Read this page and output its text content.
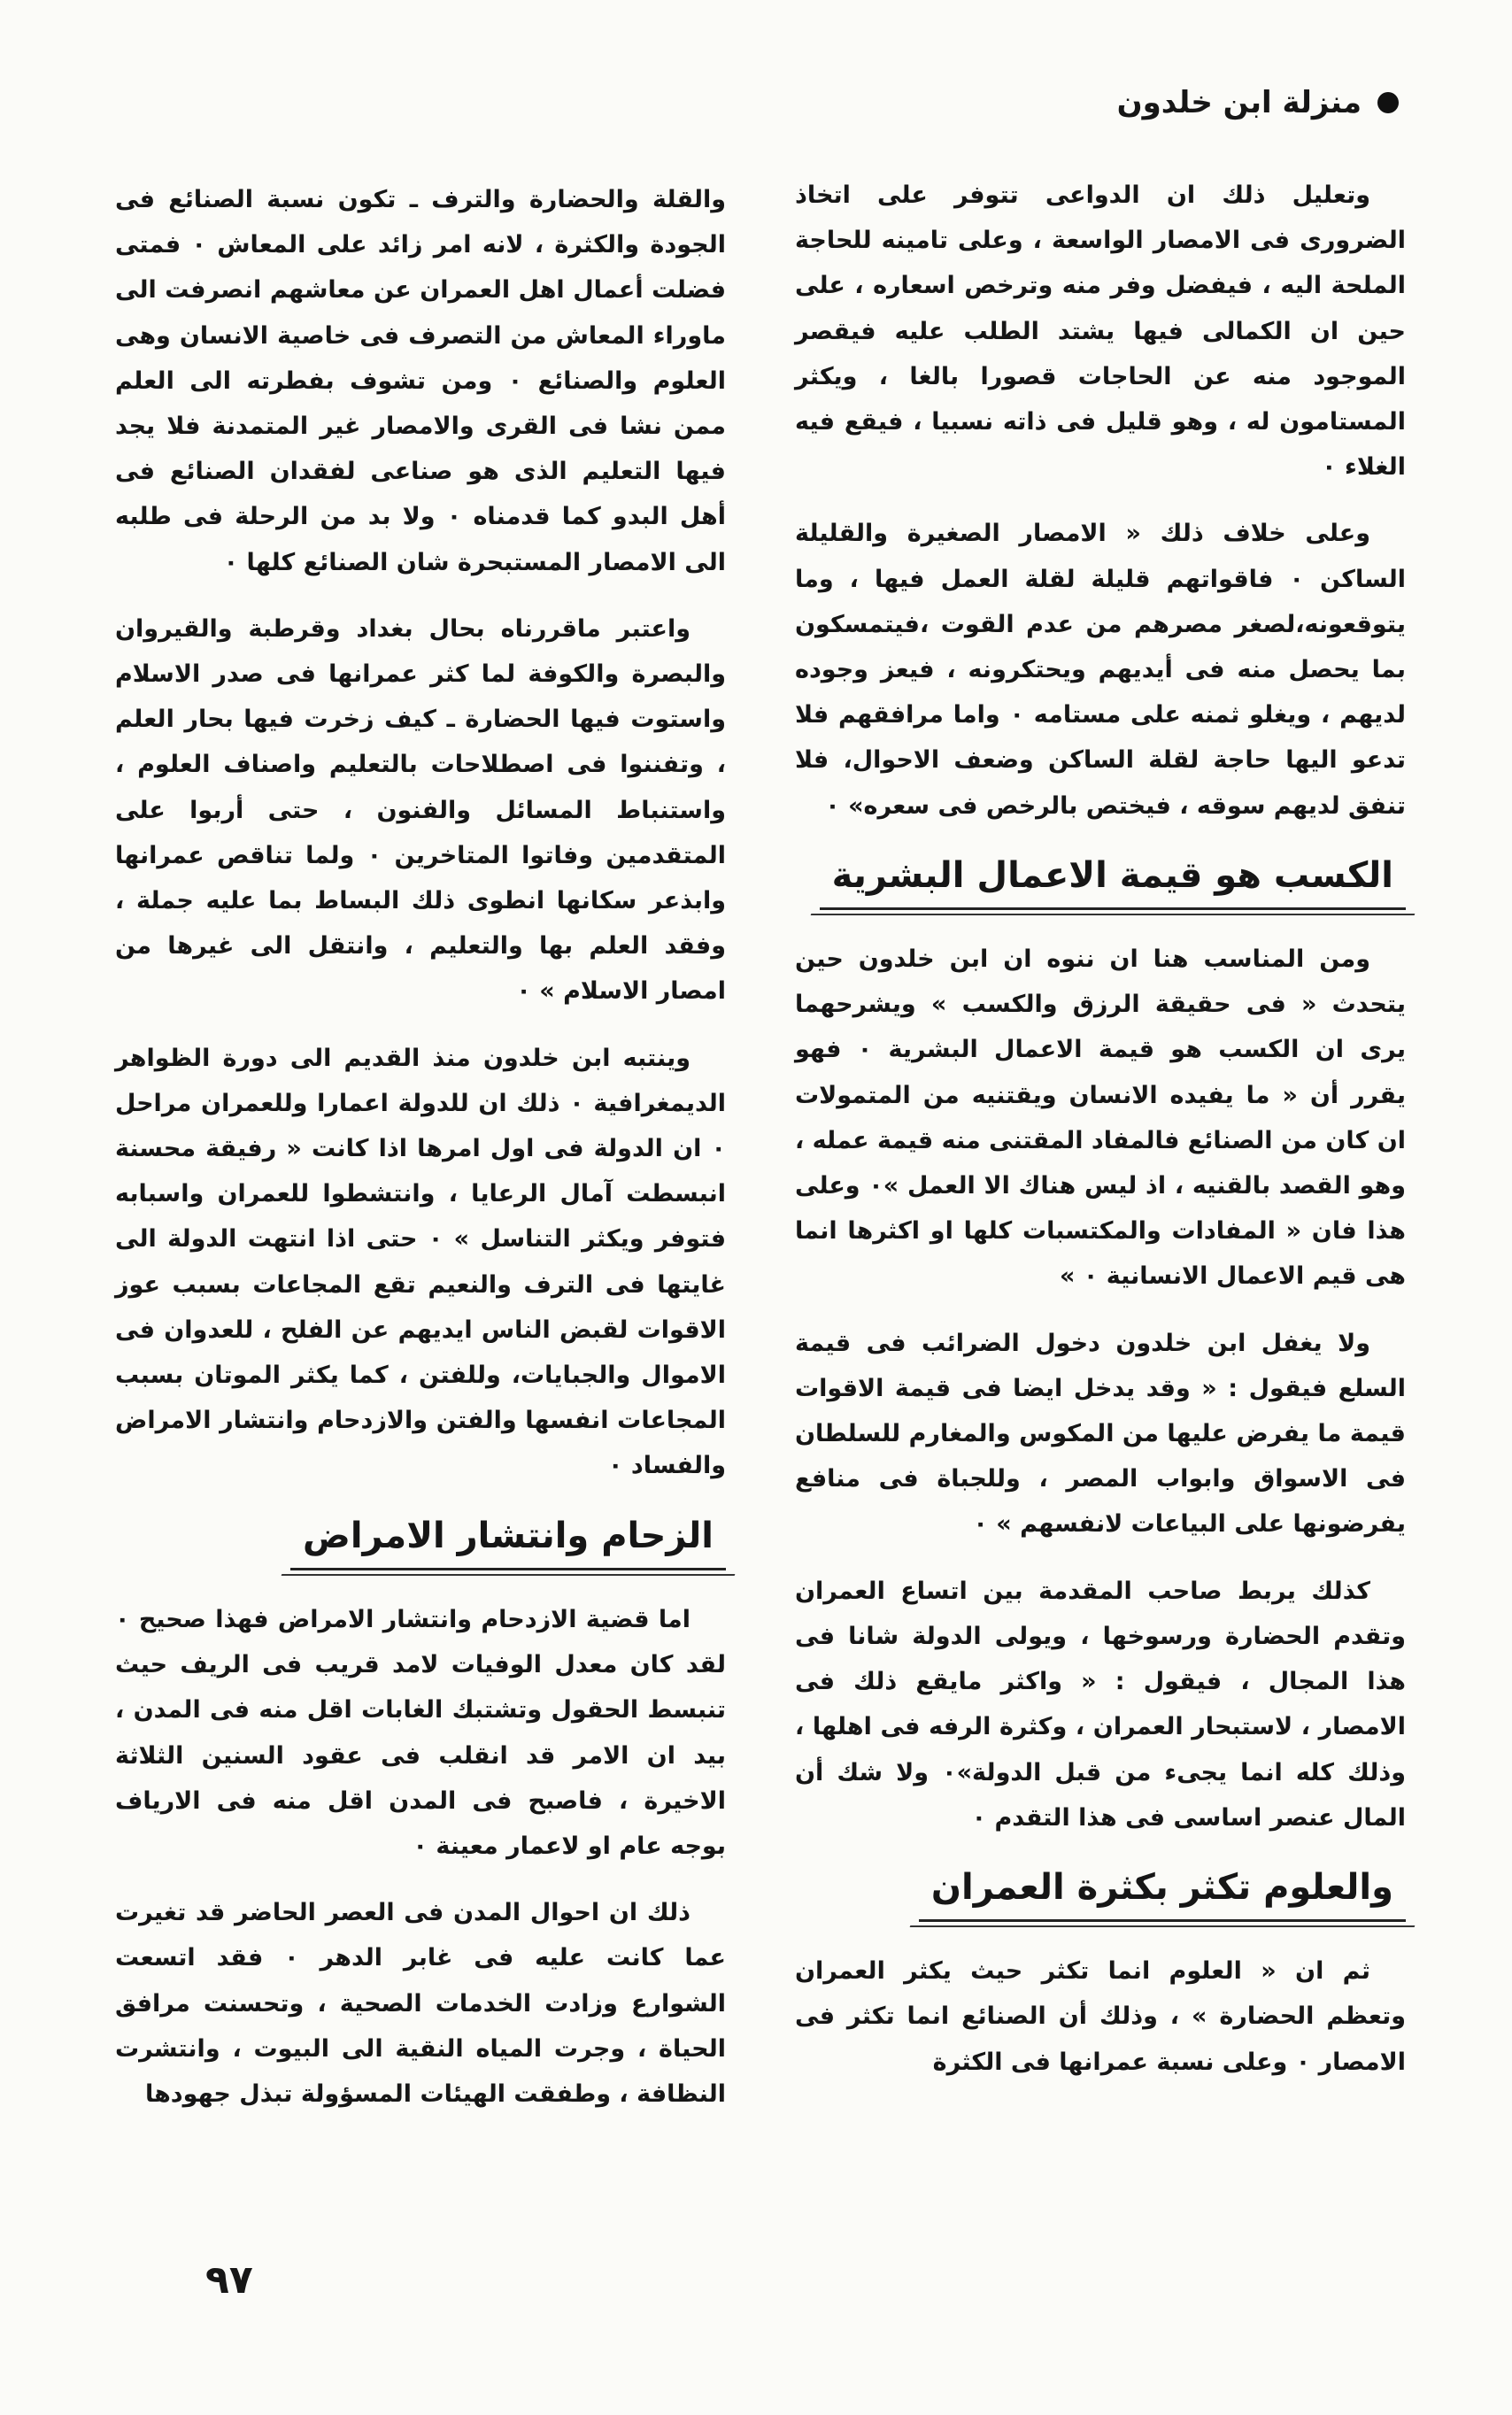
منزلة ابن خلدون

وتعليل ذلك ان الدواعى تتوفر على اتخاذ الضرورى فى الامصار الواسعة ، وعلى تامينه للحاجة الملحة اليه ، فيفضل وفر منه وترخص اسعاره ، على حين ان الكمالى فيها يشتد الطلب عليه فيقصر الموجود منه عن الحاجات قصورا بالغا ، ويكثر المستامون له ، وهو قليل فى ذاته نسبيا ، فيقع فيه الغلاء ٠

وعلى خلاف ذلك « الامصار الصغيرة والقليلة الساكن ٠ فاقواتهم قليلة لقلة العمل فيها ، وما يتوقعونه،لصغر مصرهم من عدم القوت ،فيتمسكون بما يحصل منه فى أيديهم ويحتكرونه ، فيعز وجوده لديهم ، ويغلو ثمنه على مستامه ٠ واما مرافقهم فلا تدعو اليها حاجة لقلة الساكن وضعف الاحوال، فلا تنفق لديهم سوقه ، فيختص بالرخص فى سعره» ٠

الكسب هو قيمة الاعمال البشرية

ومن المناسب هنا ان ننوه ان ابن خلدون حين يتحدث « فى حقيقة الرزق والكسب » ويشرحهما يرى ان الكسب هو قيمة الاعمال البشرية ٠ فهو يقرر أن « ما يفيده الانسان ويقتنيه من المتمولات ان كان من الصنائع فالمفاد المقتنى منه قيمة عمله ، وهو القصد بالقنيه ، اذ ليس هناك الا العمل »٠ وعلى هذا فان « المفادات والمكتسبات كلها او اكثرها انما هى قيم الاعمال الانسانية ٠ »

ولا يغفل ابن خلدون دخول الضرائب فى قيمة السلع فيقول : « وقد يدخل ايضا فى قيمة الاقوات قيمة ما يفرض عليها من المكوس والمغارم للسلطان فى الاسواق وابواب المصر ، وللجباة فى منافع يفرضونها على البياعات لانفسهم » ٠

كذلك يربط صاحب المقدمة بين اتساع العمران وتقدم الحضارة ورسوخها ، ويولى الدولة شانا فى هذا المجال ، فيقول : « واكثر مايقع ذلك فى الامصار ، لاستبحار العمران ، وكثرة الرفه فى اهلها ، وذلك كله انما يجىء من قبل الدولة»٠ ولا شك أن المال عنصر اساسى فى هذا التقدم ٠

والعلوم تكثر بكثرة العمران

ثم ان « العلوم انما تكثر حيث يكثر العمران وتعظم الحضارة » ، وذلك أن الصنائع انما تكثر فى الامصار ٠ وعلى نسبة عمرانها فى الكثرة

والقلة والحضارة والترف ـ تكون نسبة الصنائع فى الجودة والكثرة ، لانه امر زائد على المعاش ٠ فمتى فضلت أعمال اهل العمران عن معاشهم انصرفت الى ماوراء المعاش من التصرف فى خاصية الانسان وهى العلوم والصنائع ٠ ومن تشوف بفطرته الى العلم ممن نشا فى القرى والامصار غير المتمدنة فلا يجد فيها التعليم الذى هو صناعى لفقدان الصنائع فى أهل البدو كما قدمناه ٠ ولا بد من الرحلة فى طلبه الى الامصار المستبحرة شان الصنائع كلها ٠

واعتبر ماقررناه بحال بغداد وقرطبة والقيروان والبصرة والكوفة لما كثر عمرانها فى صدر الاسلام واستوت فيها الحضارة ـ كيف زخرت فيها بحار العلم ، وتفننوا فى اصطلاحات بالتعليم واصناف العلوم ، واستنباط المسائل والفنون ، حتى أربوا على المتقدمين وفاتوا المتاخرين ٠ ولما تناقص عمرانها وابذعر سكانها انطوى ذلك البساط بما عليه جملة ، وفقد العلم بها والتعليم ، وانتقل الى غيرها من امصار الاسلام » ٠

وينتبه ابن خلدون منذ القديم الى دورة الظواهر الديمغرافية ٠ ذلك ان للدولة اعمارا وللعمران مراحل ٠ ان الدولة فى اول امرها اذا كانت « رفيقة محسنة انبسطت آمال الرعايا ، وانتشطوا للعمران واسبابه فتوفر ويكثر التناسل » ٠ حتى اذا انتهت الدولة الى غايتها فى الترف والنعيم تقع المجاعات بسبب عوز الاقوات لقبض الناس ايديهم عن الفلح ، للعدوان فى الاموال والجبايات، وللفتن ، كما يكثر الموتان بسبب المجاعات انفسها والفتن والازدحام وانتشار الامراض والفساد ٠

الزحام وانتشار الامراض

اما قضية الازدحام وانتشار الامراض فهذا صحيح ٠ لقد كان معدل الوفيات لامد قريب فى الريف حيث تنبسط الحقول وتشتبك الغابات اقل منه فى المدن ، بيد ان الامر قد انقلب فى عقود السنين الثلاثة الاخيرة ، فاصبح فى المدن اقل منه فى الارياف بوجه عام او لاعمار معينة ٠

ذلك ان احوال المدن فى العصر الحاضر قد تغيرت عما كانت عليه فى غابر الدهر ٠ فقد اتسعت الشوارع وزادت الخدمات الصحية ، وتحسنت مرافق الحياة ، وجرت المياه النقية الى البيوت ، وانتشرت النظافة ، وطفقت الهيئات المسؤولة تبذل جهودها

٩٧
